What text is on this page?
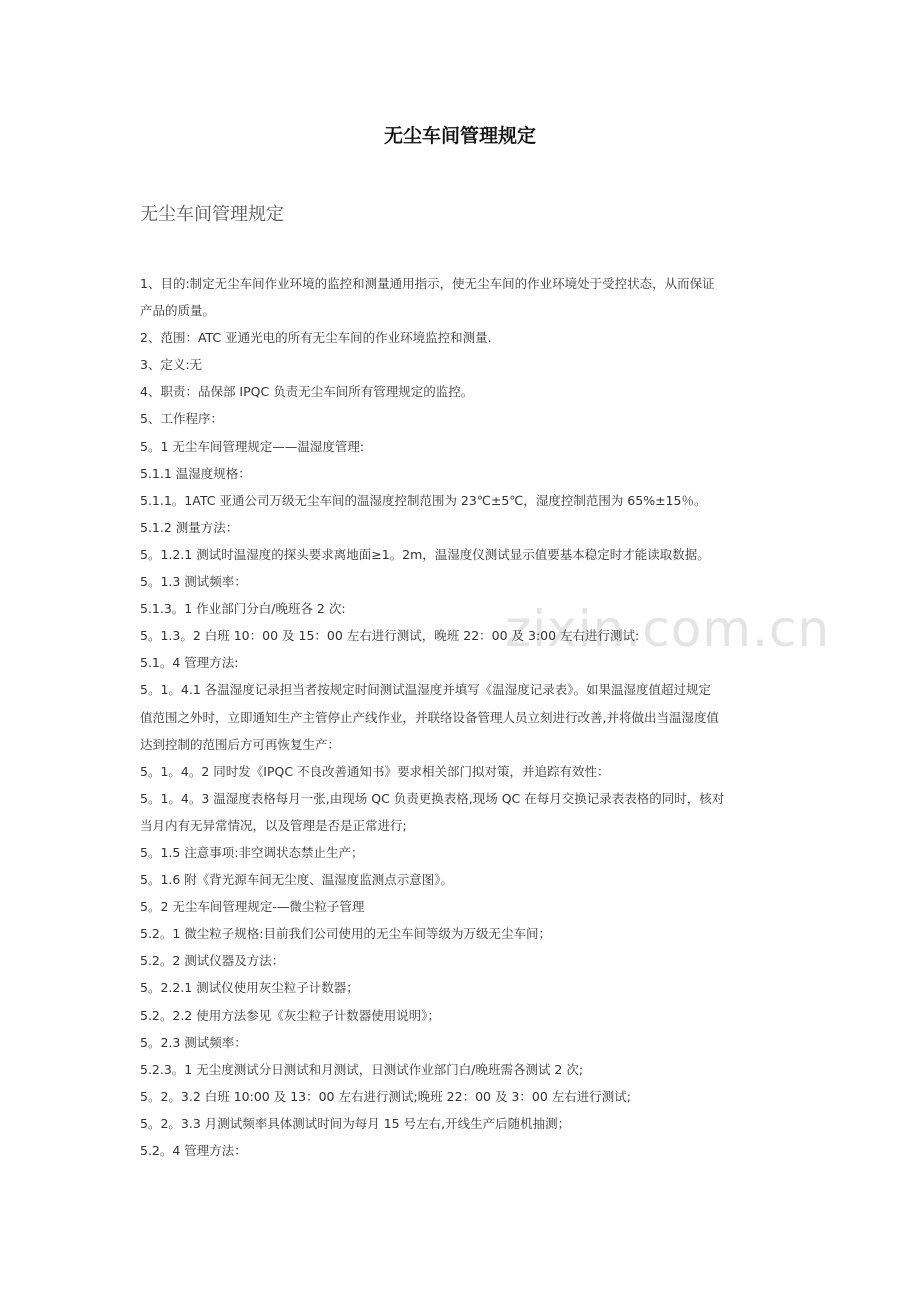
zixin.com.cn
无尘车间管理规定
无尘车间管理规定
1、目的:制定无尘车间作业环境的监控和测量通用指示，使无尘车间的作业环境处于受控状态，从而保证
产品的质量。
2、范围：ATC 亚通光电的所有无尘车间的作业环境监控和测量.
3、定义:无
4、职责：品保部 IPQC 负责无尘车间所有管理规定的监控。
5、工作程序：
5。1 无尘车间管理规定——温湿度管理:
5.1.1 温湿度规格：
5.1.1。1ATC 亚通公司万级无尘车间的温湿度控制范围为 23℃±5℃，湿度控制范围为 65%±15％。
5.1.2 测量方法：
5。1.2.1 测试时温湿度的探头要求离地面≥1。2m，温湿度仪测试显示值要基本稳定时才能读取数据。
5。1.3 测试频率：
5.1.3。1 作业部门分白/晚班各 2 次:
5。1.3。2 白班 10：00 及 15：00 左右进行测试，晚班 22：00 及 3:00 左右进行测试:
5.1。4 管理方法:
5。1。4.1 各温湿度记录担当者按规定时间测试温湿度并填写《温湿度记录表》。如果温湿度值超过规定
值范围之外时，立即通知生产主管停止产线作业，并联络设备管理人员立刻进行改善,并将做出当温湿度值
达到控制的范围后方可再恢复生产：
5。1。4。2 同时发《IPQC 不良改善通知书》要求相关部门拟对策，并追踪有效性：
5。1。4。3 温湿度表格每月一张,由现场 QC 负责更换表格,现场 QC 在每月交换记录表表格的同时，核对
当月内有无异常情况，以及管理是否是正常进行;
5。1.5 注意事项:非空调状态禁止生产；
5。1.6 附《背光源车间无尘度、温湿度监测点示意图》。
5。2 无尘车间管理规定-—微尘粒子管理
5.2。1 微尘粒子规格:目前我们公司使用的无尘车间等级为万级无尘车间；
5.2。2 测试仪器及方法：
5。2.2.1 测试仪使用灰尘粒子计数器；
5.2。2.2 使用方法参见《灰尘粒子计数器使用说明》；
5。2.3 测试频率：
5.2.3。1 无尘度测试分日测试和月测试，日测试作业部门白/晚班需各测试 2 次;
5。2。3.2 白班 10:00 及 13：00 左右进行测试;晚班 22：00 及 3：00 左右进行测试;
5。2。3.3 月测试频率具体测试时间为每月 15 号左右,开线生产后随机抽测；
5.2。4 管理方法：
